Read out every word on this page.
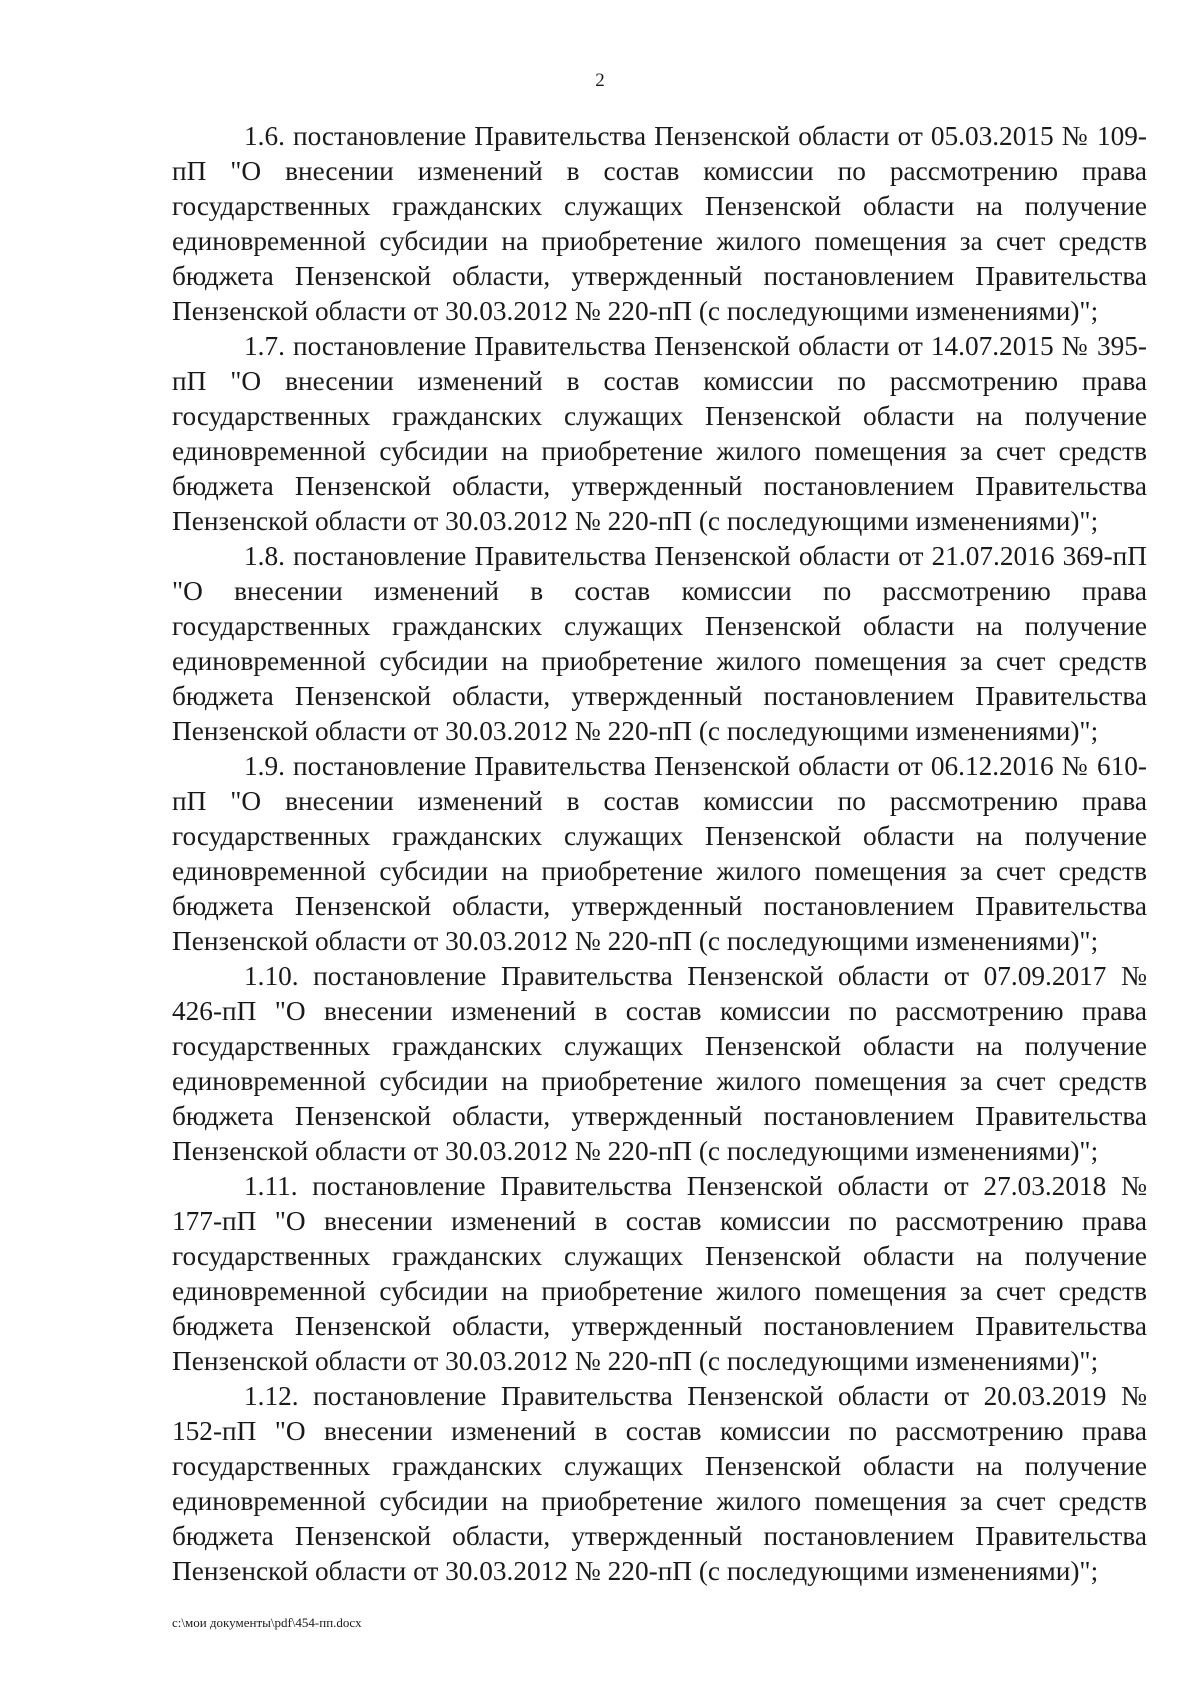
2

1.6. постановление Правительства Пензенской области от 05.03.2015 № 109-пП "О внесении изменений в состав комиссии по рассмотрению права государственных гражданских служащих Пензенской области на получение единовременной субсидии на приобретение жилого помещения за счет средств бюджета Пензенской области, утвержденный постановлением Правительства Пензенской области от 30.03.2012 № 220-пП (с последующими изменениями)";

1.7. постановление Правительства Пензенской области от 14.07.2015 № 395-пП "О внесении изменений в состав комиссии по рассмотрению права государственных гражданских служащих Пензенской области на получение единовременной субсидии на приобретение жилого помещения за счет средств бюджета Пензенской области, утвержденный постановлением Правительства Пензенской области от 30.03.2012 № 220-пП (с последующими изменениями)";

1.8. постановление Правительства Пензенской области от 21.07.2016 369-пП "О внесении изменений в состав комиссии по рассмотрению права государственных гражданских служащих Пензенской области на получение единовременной субсидии на приобретение жилого помещения за счет средств бюджета Пензенской области, утвержденный постановлением Правительства Пензенской области от 30.03.2012 № 220-пП (с последующими изменениями)";

1.9. постановление Правительства Пензенской области от 06.12.2016 № 610-пП "О внесении изменений в состав комиссии по рассмотрению права государственных гражданских служащих Пензенской области на получение единовременной субсидии на приобретение жилого помещения за счет средств бюджета Пензенской области, утвержденный постановлением Правительства Пензенской области от 30.03.2012 № 220-пП (с последующими изменениями)";

1.10. постановление Правительства Пензенской области от 07.09.2017 № 426-пП "О внесении изменений в состав комиссии по рассмотрению права государственных гражданских служащих Пензенской области на получение единовременной субсидии на приобретение жилого помещения за счет средств бюджета Пензенской области, утвержденный постановлением Правительства Пензенской области от 30.03.2012 № 220-пП (с последующими изменениями)";

1.11. постановление Правительства Пензенской области от 27.03.2018 № 177-пП "О внесении изменений в состав комиссии по рассмотрению права государственных гражданских служащих Пензенской области на получение единовременной субсидии на приобретение жилого помещения за счет средств бюджета Пензенской области, утвержденный постановлением Правительства Пензенской области от 30.03.2012 № 220-пП (с последующими изменениями)";

1.12. постановление Правительства Пензенской области от 20.03.2019 № 152-пП "О внесении изменений в состав комиссии по рассмотрению права государственных гражданских служащих Пензенской области на получение единовременной субсидии на приобретение жилого помещения за счет средств бюджета Пензенской области, утвержденный постановлением Правительства Пензенской области от 30.03.2012 № 220-пП (с последующими изменениями)";

c:\мои документы\pdf\454-пп.docx
